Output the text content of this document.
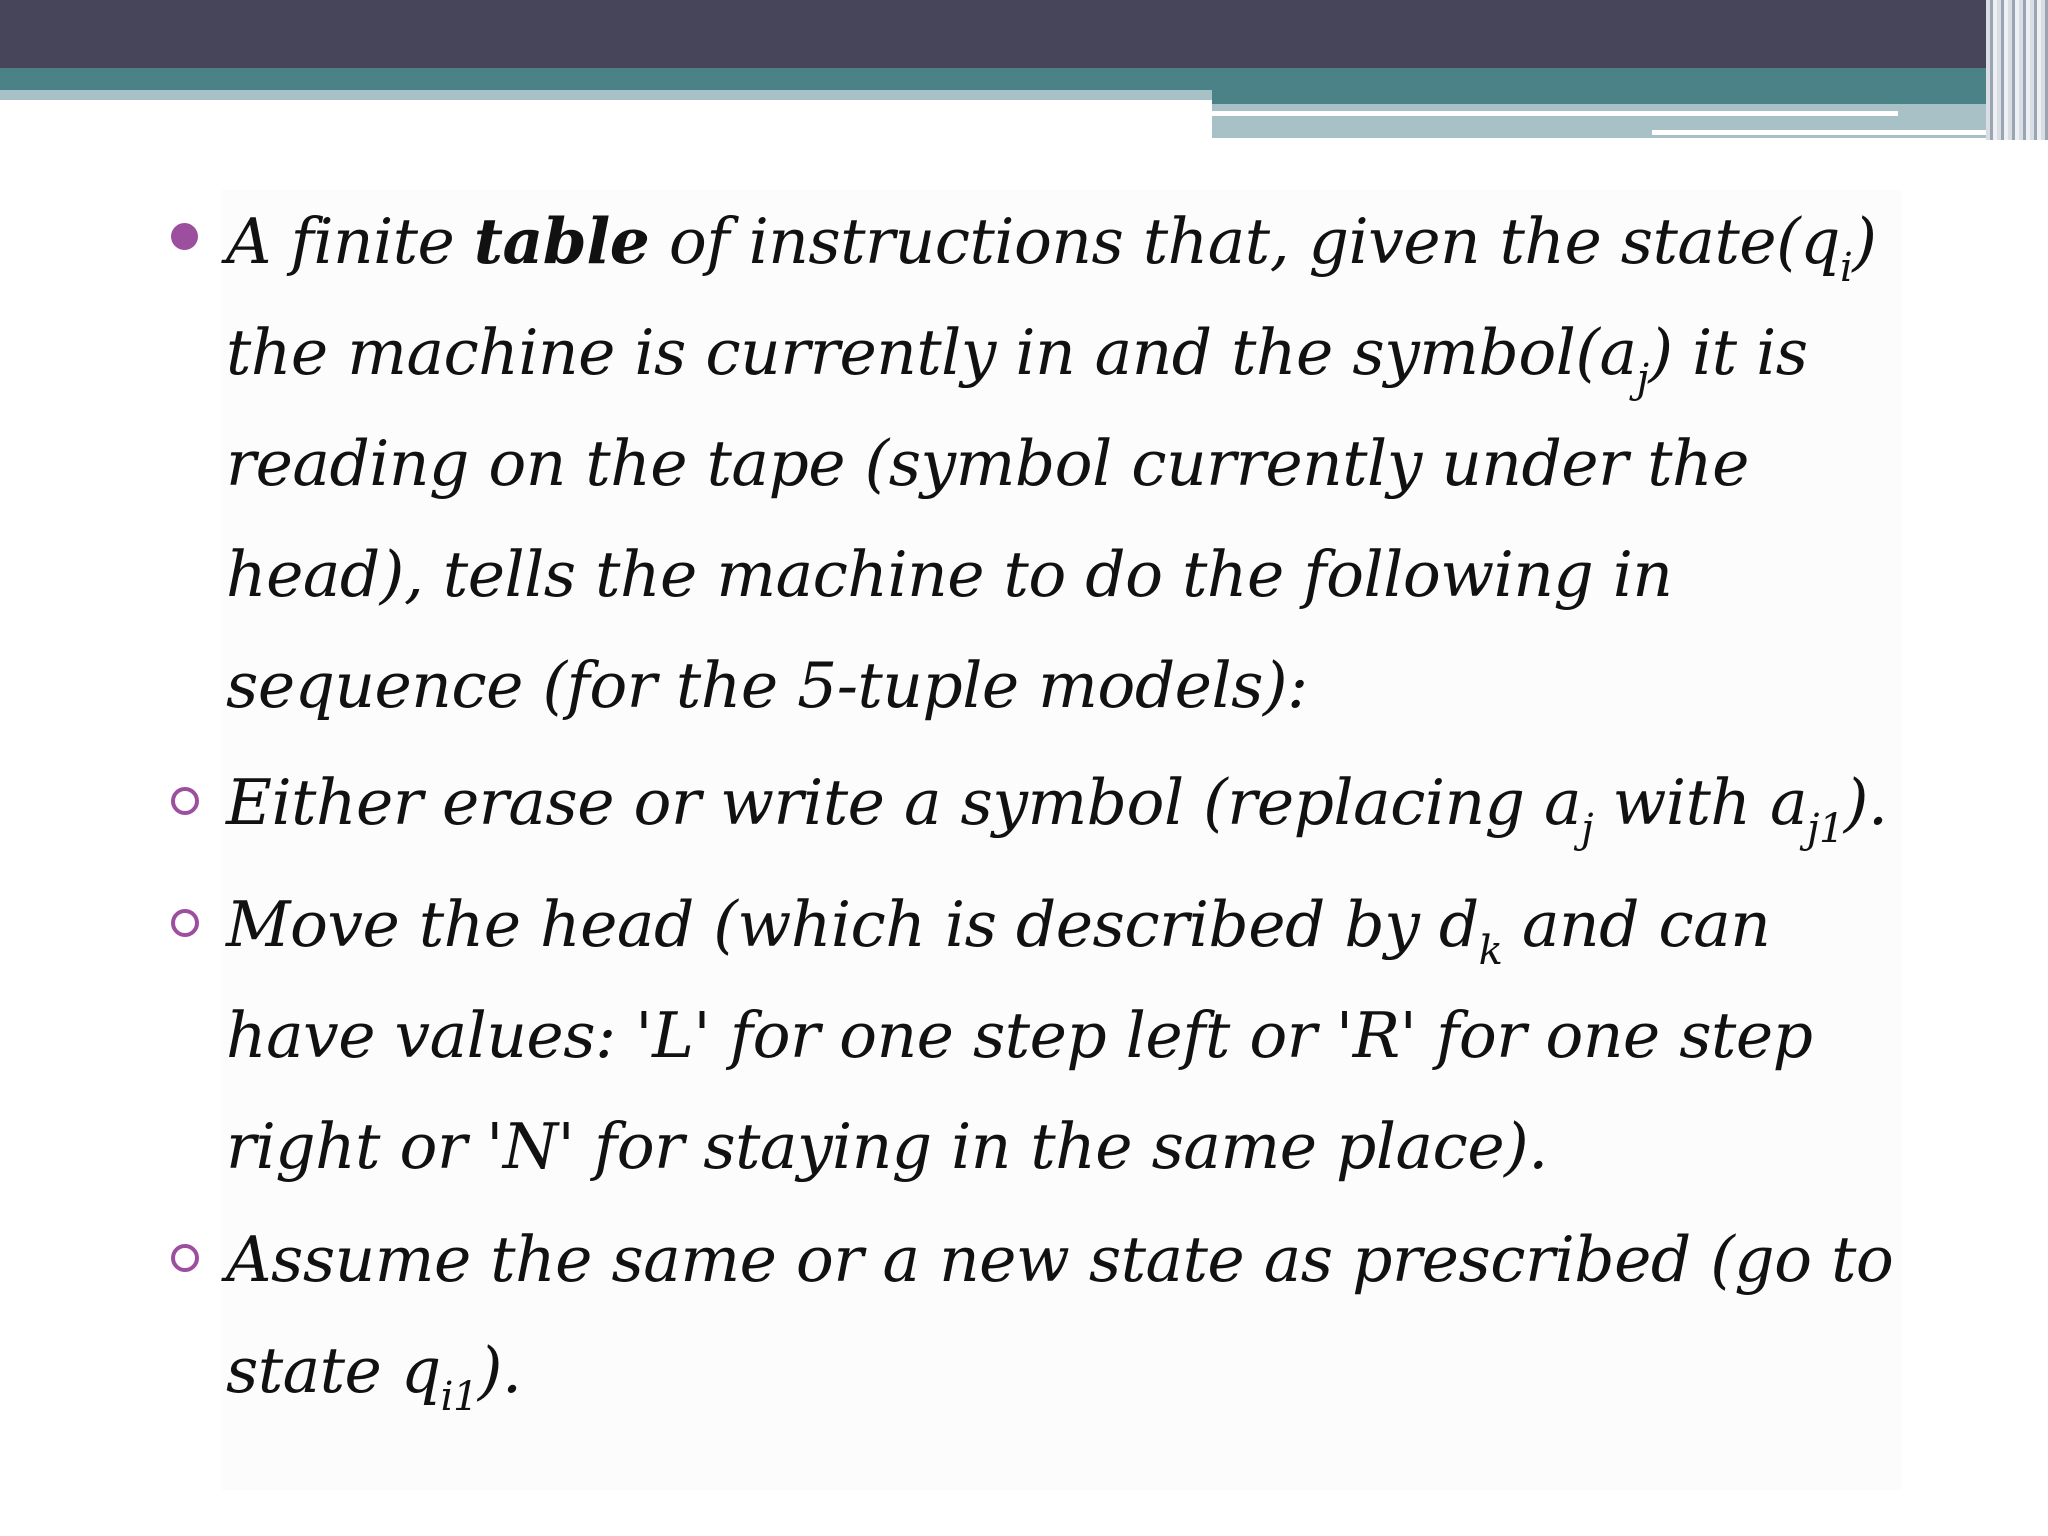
A finite table of instructions that, given the $state(q_i)$ the machine is currently in and the $symbol(a_j)$ it is reading on the tape (symbol currently under the head), tells the machine to do the following in sequence (for the 5-tuple models):
Either erase or write a symbol (replacing $a_j$ with $a_{j1}$).
Move the head (which is described by $d_k$ and can have values: 'L' for one step left or 'R' for one step right or 'N' for staying in the same place).
Assume the same or a new state as prescribed (go to state $q_{i1}$).
